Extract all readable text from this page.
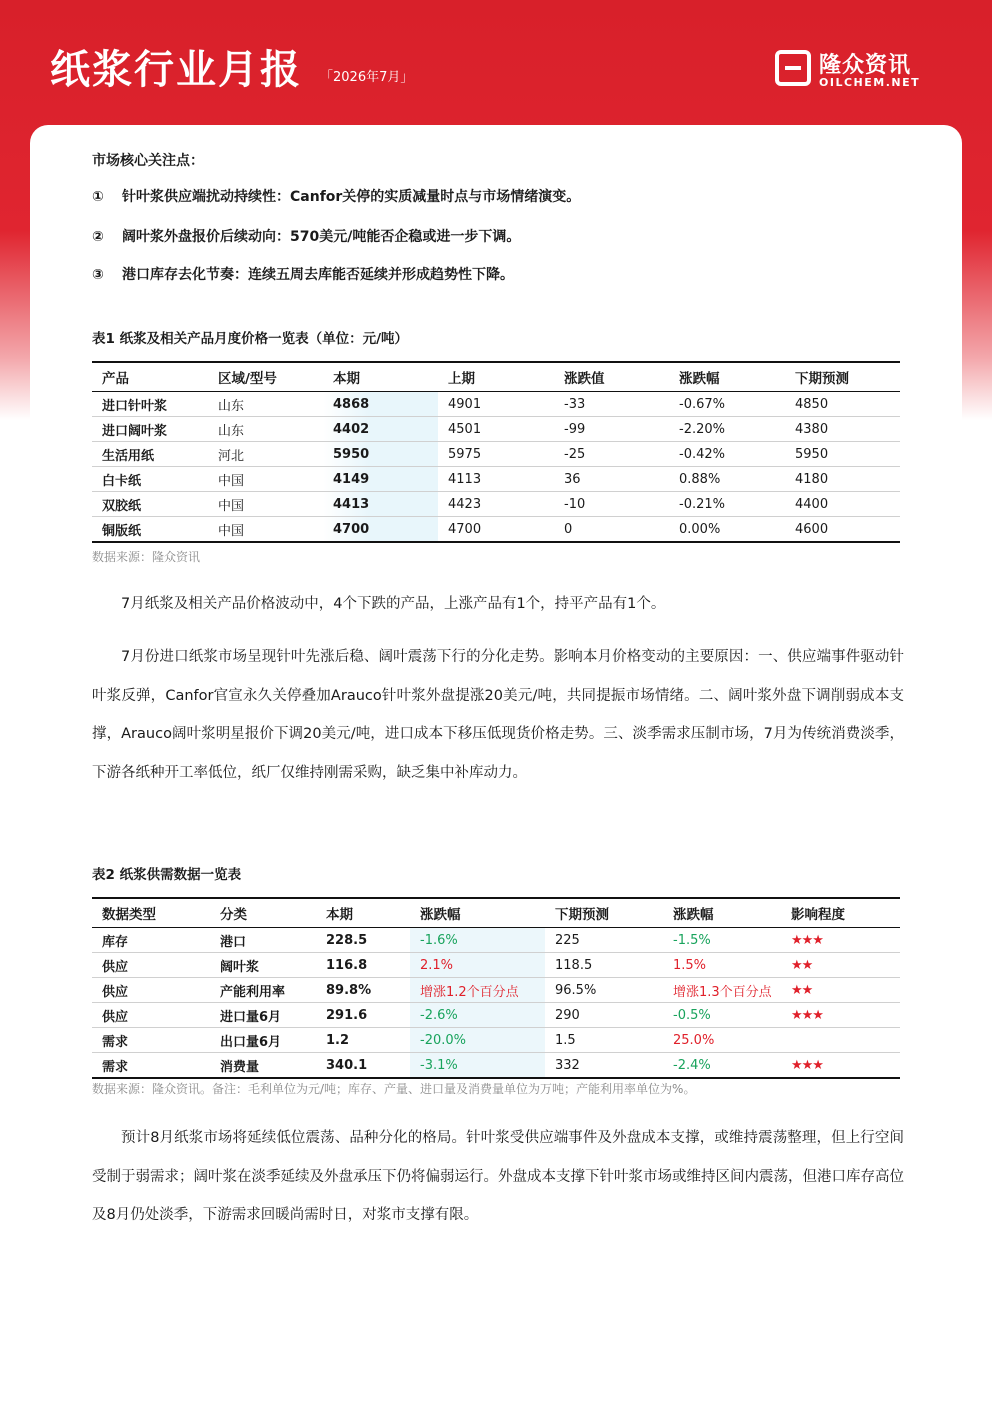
纸浆行业月报 「2026年7月」	隆众资讯
OILCHEM.NET
市场核心关注点：
① 针叶浆供应端扰动持续性：Canfor关停的实质减量时点与市场情绪演变。
② 阔叶浆外盘报价后续动向：570美元/吨能否企稳或进一步下调。
③ 港口库存去化节奏：连续五周去库能否延续并形成趋势性下降。
表1 纸浆及相关产品月度价格一览表（单位：元/吨）
产品	区域/型号	本期	上期	涨跌值	涨跌幅	下期预测
进口针叶浆	山东	4868	4901	-33	-0.67%	4850
进口阔叶浆	山东	4402	4501	-99	-2.20%	4380
生活用纸	河北	5950	5975	-25	-0.42%	5950
白卡纸	中国	4149	4113	36	0.88%	4180
双胶纸	中国	4413	4423	-10	-0.21%	4400
铜版纸	中国	4700	4700	0	0.00%	4600
数据来源：隆众资讯
7月纸浆及相关产品价格波动中，4个下跌的产品，上涨产品有1个，持平产品有1个。
7月份进口纸浆市场呈现针叶先涨后稳、阔叶震荡下行的分化走势。影响本月价格变动的主要原因：一、供应端事件驱动针叶浆反弹，Canfor官宣永久关停叠加Arauco针叶浆外盘提涨20美元/吨，共同提振市场情绪。二、阔叶浆外盘下调削弱成本支撑，Arauco阔叶浆明星报价下调20美元/吨，进口成本下移压低现货价格走势。三、淡季需求压制市场，7月为传统消费淡季，下游各纸种开工率低位，纸厂仅维持刚需采购，缺乏集中补库动力。
表2 纸浆供需数据一览表
数据类型	分类	本期	涨跌幅	下期预测	涨跌幅	影响程度
库存	港口	228.5	-1.6%	225	-1.5%	★★★
供应	阔叶浆	116.8	2.1%	118.5	1.5%	★★
供应	产能利用率	89.8%	增涨1.2个百分点	96.5%	增涨1.3个百分点	★★
供应	进口量6月	291.6	-2.6%	290	-0.5%	★★★
需求	出口量6月	1.2	-20.0%	1.5	25.0%	
需求	消费量	340.1	-3.1%	332	-2.4%	★★★
数据来源：隆众资讯。备注：毛利单位为元/吨；库存、产量、进口量及消费量单位为万吨；产能利用率单位为%。
预计8月纸浆市场将延续低位震荡、品种分化的格局。针叶浆受供应端事件及外盘成本支撑，或维持震荡整理，但上行空间受制于弱需求；阔叶浆在淡季延续及外盘承压下仍将偏弱运行。外盘成本支撑下针叶浆市场或维持区间内震荡，但港口库存高位及8月仍处淡季，下游需求回暖尚需时日，对浆市支撑有限。
